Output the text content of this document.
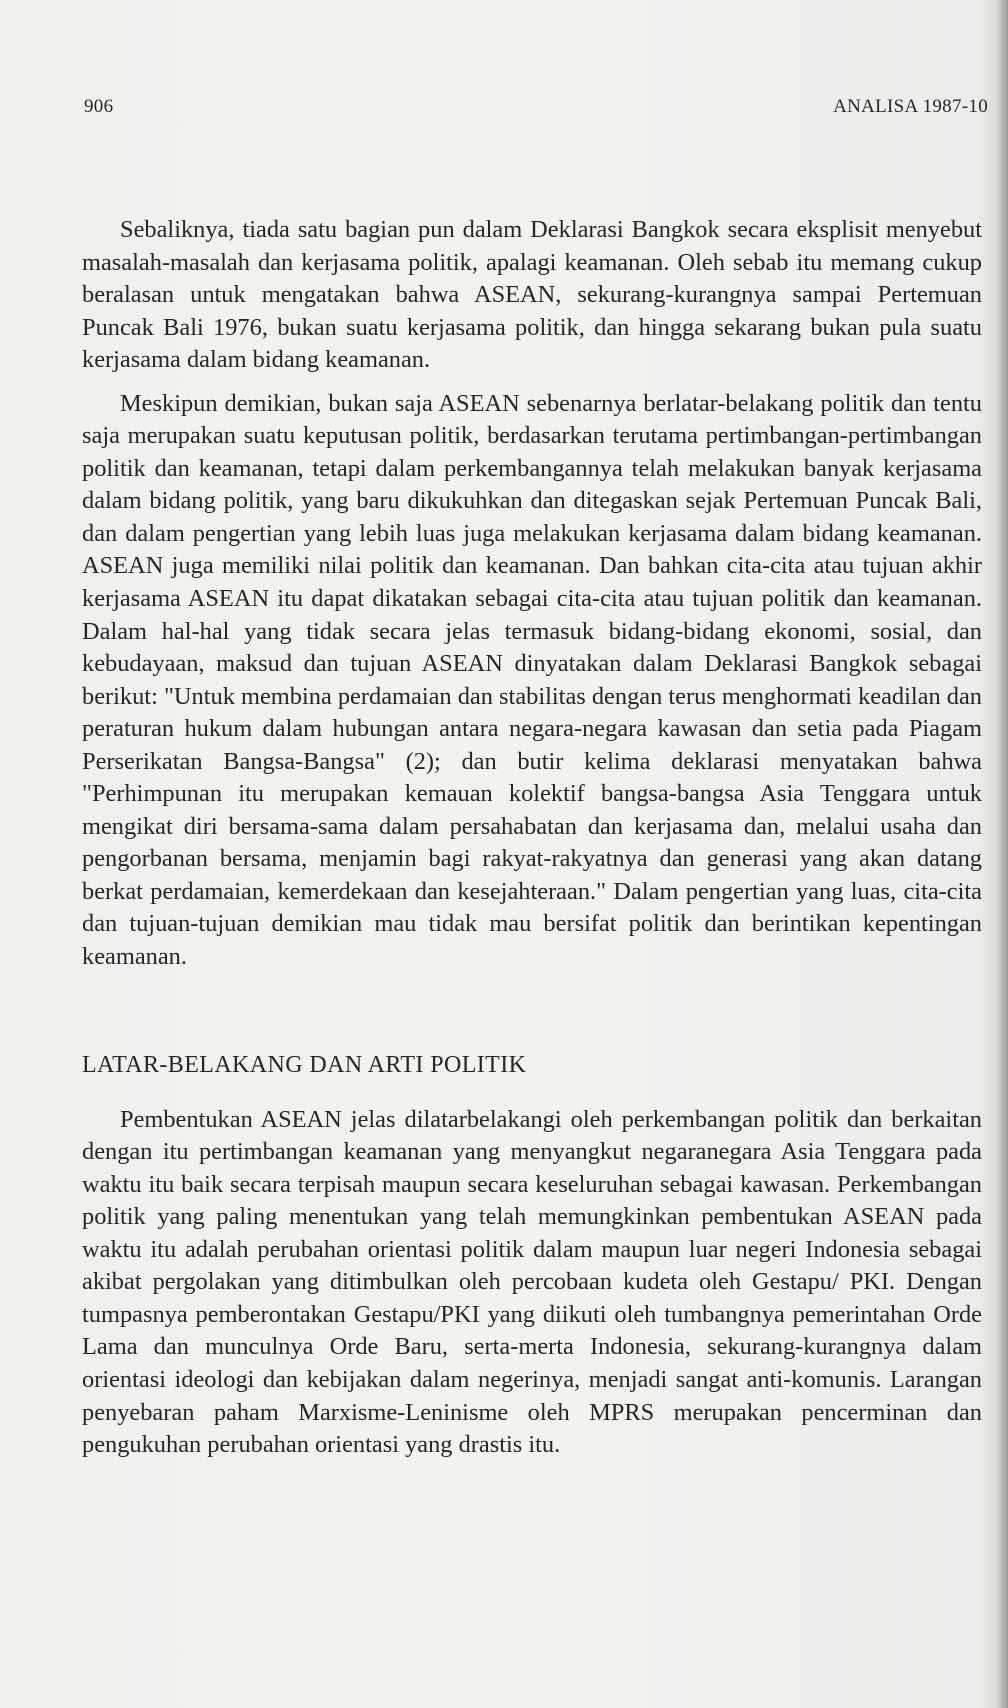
906	ANALISA 1987-10

Sebaliknya, tiada satu bagian pun dalam Deklarasi Bangkok secara eksplisit menyebut masalah-masalah dan kerjasama politik, apalagi keamanan. Oleh sebab itu memang cukup beralasan untuk mengatakan bahwa ASEAN, sekurang-kurangnya sampai Pertemuan Puncak Bali 1976, bukan suatu kerjasama politik, dan hingga sekarang bukan pula suatu kerjasama dalam bidang keamanan.

Meskipun demikian, bukan saja ASEAN sebenarnya berlatar-belakang politik dan tentu saja merupakan suatu keputusan politik, berdasarkan terutama pertimbangan-pertimbangan politik dan keamanan, tetapi dalam perkembangannya telah melakukan banyak kerjasama dalam bidang politik, yang baru dikukuhkan dan ditegaskan sejak Pertemuan Puncak Bali, dan dalam pengertian yang lebih luas juga melakukan kerjasama dalam bidang keamanan. ASEAN juga memiliki nilai politik dan keamanan. Dan bahkan cita-cita atau tujuan akhir kerjasama ASEAN itu dapat dikatakan sebagai cita-cita atau tujuan politik dan keamanan. Dalam hal-hal yang tidak secara jelas termasuk bidang-bidang ekonomi, sosial, dan kebudayaan, maksud dan tujuan ASEAN dinyatakan dalam Deklarasi Bangkok sebagai berikut: "Untuk membina perdamaian dan stabilitas dengan terus menghormati keadilan dan peraturan hukum dalam hubungan antara negara-negara kawasan dan setia pada Piagam Perserikatan Bangsa-Bangsa" (2); dan butir kelima deklarasi menyatakan bahwa "Perhimpunan itu merupakan kemauan kolektif bangsa-bangsa Asia Tenggara untuk mengikat diri bersama-sama dalam persahabatan dan kerjasama dan, melalui usaha dan pengorbanan bersama, menjamin bagi rakyat-rakyatnya dan generasi yang akan datang berkat perdamaian, kemerdekaan dan kesejahteraan." Dalam pengertian yang luas, cita-cita dan tujuan-tujuan demikian mau tidak mau bersifat politik dan berintikan kepentingan keamanan.

LATAR-BELAKANG DAN ARTI POLITIK

Pembentukan ASEAN jelas dilatarbelakangi oleh perkembangan politik dan berkaitan dengan itu pertimbangan keamanan yang menyangkut negaranegara Asia Tenggara pada waktu itu baik secara terpisah maupun secara keseluruhan sebagai kawasan. Perkembangan politik yang paling menentukan yang telah memungkinkan pembentukan ASEAN pada waktu itu adalah perubahan orientasi politik dalam maupun luar negeri Indonesia sebagai akibat pergolakan yang ditimbulkan oleh percobaan kudeta oleh Gestapu/ PKI. Dengan tumpasnya pemberontakan Gestapu/PKI yang diikuti oleh tumbangnya pemerintahan Orde Lama dan munculnya Orde Baru, serta-merta Indonesia, sekurang-kurangnya dalam orientasi ideologi dan kebijakan dalam negerinya, menjadi sangat anti-komunis. Larangan penyebaran paham Marxisme-Leninisme oleh MPRS merupakan pencerminan dan pengukuhan perubahan orientasi yang drastis itu.
